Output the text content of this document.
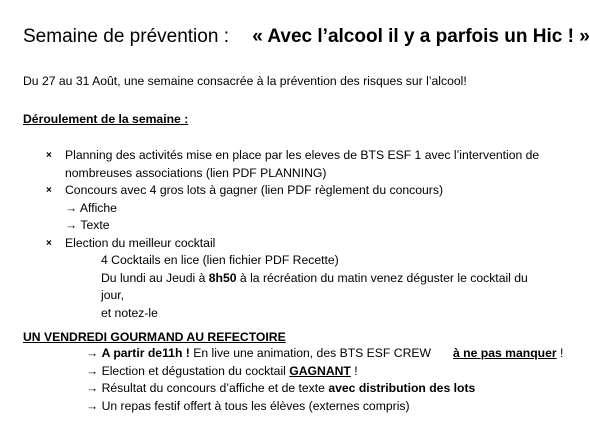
Semaine de prévention : « Avec l’alcool il y a parfois un Hic ! »
Du 27 au 31 Août, une semaine consacrée à la prévention des risques sur l’alcool!
Déroulement de la semaine :
× Planning des activités mise en place par les eleves de BTS ESF 1 avec l’intervention de
nombreuses associations (lien PDF PLANNING)
× Concours avec 4 gros lots à gagner (lien PDF règlement du concours)
→ Affiche
→ Texte
× Election du meilleur cocktail
4 Cocktails en lice (lien fichier PDF Recette)
Du lundi au Jeudi à 8h50 à la récréation du matin venez déguster le cocktail du jour,
et notez-le
UN VENDREDI GOURMAND AU REFECTOIRE
→ A partir de11h ! En live une animation, des BTS ESF CREW à ne pas manquer !
→ Election et dégustation du cocktail GAGNANT !
→ Résultat du concours d’affiche et de texte avec distribution des lots
→ Un repas festif offert à tous les élèves (externes compris)
